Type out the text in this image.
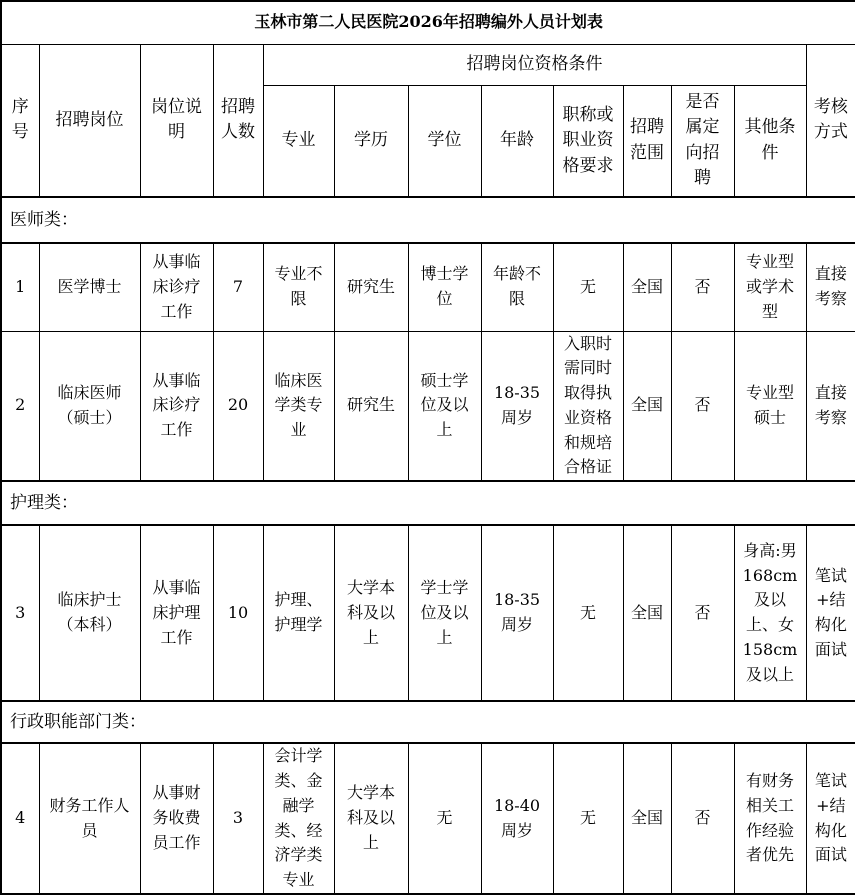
玉林市第二人民医院2026年招聘编外人员计划表												
序号	招聘岗位	岗位说明	招聘人数	招聘岗位资格条件								考核方式
				专业	学历	学位	年龄	职称或职业资格要求	招聘范围	是否属定向招聘	其他条件	
医师类：												
1	医学博士	从事临床诊疗工作	7	专业不限	研究生	博士学位	年龄不限	无	全国	否	专业型或学术型	直接考察
2	临床医师（硕士）	从事临床诊疗工作	20	临床医学类专业	研究生	硕士学位及以上	18-35周岁	入职时需同时取得执业资格和规培合格证	全国	否	专业型硕士	直接考察
护理类：												
3	临床护士（本科）	从事临床护理工作	10	护理、护理学	大学本科及以上	学士学位及以上	18-35周岁	无	全国	否	身高:男168cm及以上、女158cm及以上	笔试+结构化面试
行政职能部门类：												
4	财务工作人员	从事财务收费员工作	3	会计学类、金融学类、经济学类专业	大学本科及以上	无	18-40周岁	无	全国	否	有财务相关工作经验者优先	笔试+结构化面试
